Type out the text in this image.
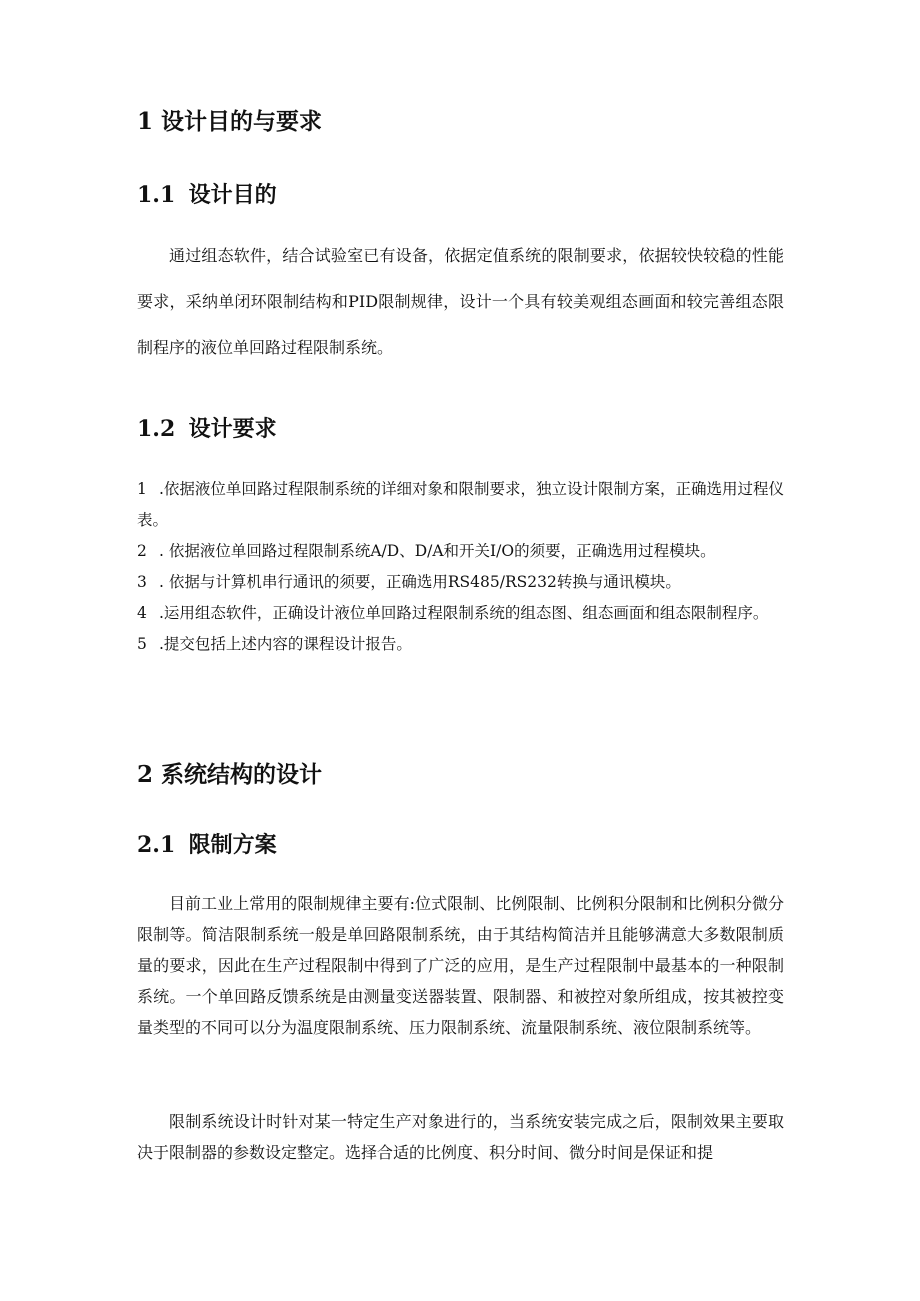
1 设计目的与要求
1.1 设计目的

通过组态软件，结合试验室已有设备，依据定值系统的限制要求，依据较快较稳的性能要求，采纳单闭环限制结构和PID限制规律，设计一个具有较美观组态画面和较完善组态限制程序的液位单回路过程限制系统。

1.2 设计要求
1 .依据液位单回路过程限制系统的详细对象和限制要求，独立设计限制方案，正确选用过程仪表。
2 . 依据液位单回路过程限制系统A/D、D/A和开关I/O的须要，正确选用过程模块。
3 . 依据与计算机串行通讯的须要，正确选用RS485/RS232转换与通讯模块。
4 .运用组态软件，正确设计液位单回路过程限制系统的组态图、组态画面和组态限制程序。
5 .提交包括上述内容的课程设计报告。
2 系统结构的设计
2.1 限制方案

目前工业上常用的限制规律主要有:位式限制、比例限制、比例积分限制和比例积分微分限制等。简洁限制系统一般是单回路限制系统，由于其结构简洁并且能够满意大多数限制质量的要求，因此在生产过程限制中得到了广泛的应用，是生产过程限制中最基本的一种限制系统。一个单回路反馈系统是由测量变送器装置、限制器、和被控对象所组成，按其被控变量类型的不同可以分为温度限制系统、压力限制系统、流量限制系统、液位限制系统等。

限制系统设计时针对某一特定生产对象进行的，当系统安装完成之后，限制效果主要取决于限制器的参数设定整定。选择合适的比例度、积分时间、微分时间是保证和提
